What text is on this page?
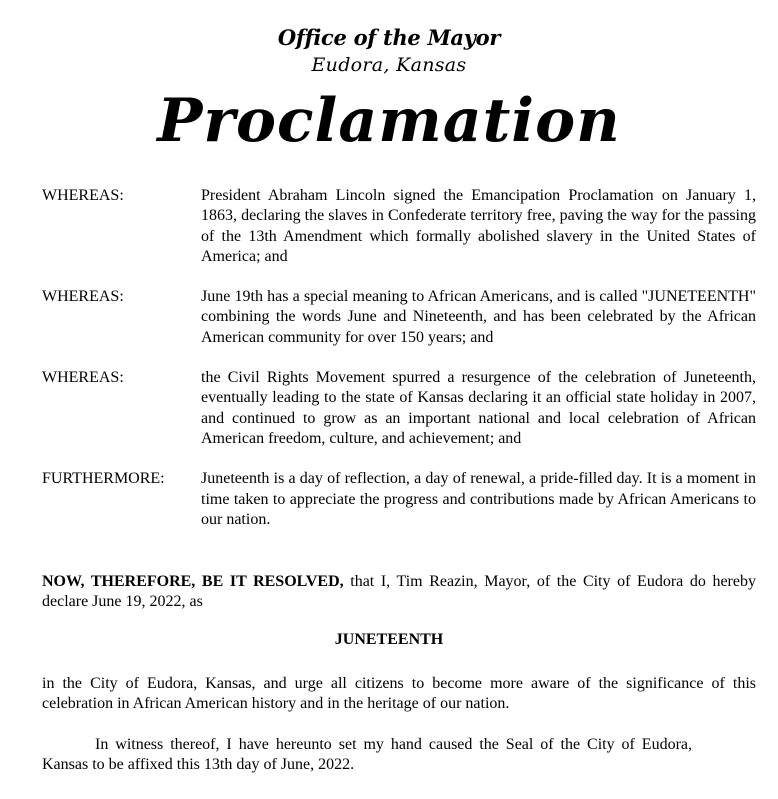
Office of the Mayor
Eudora, Kansas
Proclamation
WHEREAS:	President Abraham Lincoln signed the Emancipation Proclamation on January 1, 1863, declaring the slaves in Confederate territory free, paving the way for the passing of the 13th Amendment which formally abolished slavery in the United States of America; and
WHEREAS:	June 19th has a special meaning to African Americans, and is called "JUNETEENTH" combining the words June and Nineteenth, and has been celebrated by the African American community for over 150 years; and
WHEREAS:	the Civil Rights Movement spurred a resurgence of the celebration of Juneteenth, eventually leading to the state of Kansas declaring it an official state holiday in 2007, and continued to grow as an important national and local celebration of African American freedom, culture, and achievement; and
FURTHERMORE:	Juneteenth is a day of reflection, a day of renewal, a pride-filled day. It is a moment in time taken to appreciate the progress and contributions made by African Americans to our nation.
NOW, THEREFORE, BE IT RESOLVED, that I, Tim Reazin, Mayor, of the City of Eudora do hereby declare June 19, 2022, as
JUNETEENTH
in the City of Eudora, Kansas, and urge all citizens to become more aware of the significance of this celebration in African American history and in the heritage of our nation.
In witness thereof, I have hereunto set my hand caused the Seal of the City of Eudora, Kansas to be affixed this 13th day of June, 2022.
